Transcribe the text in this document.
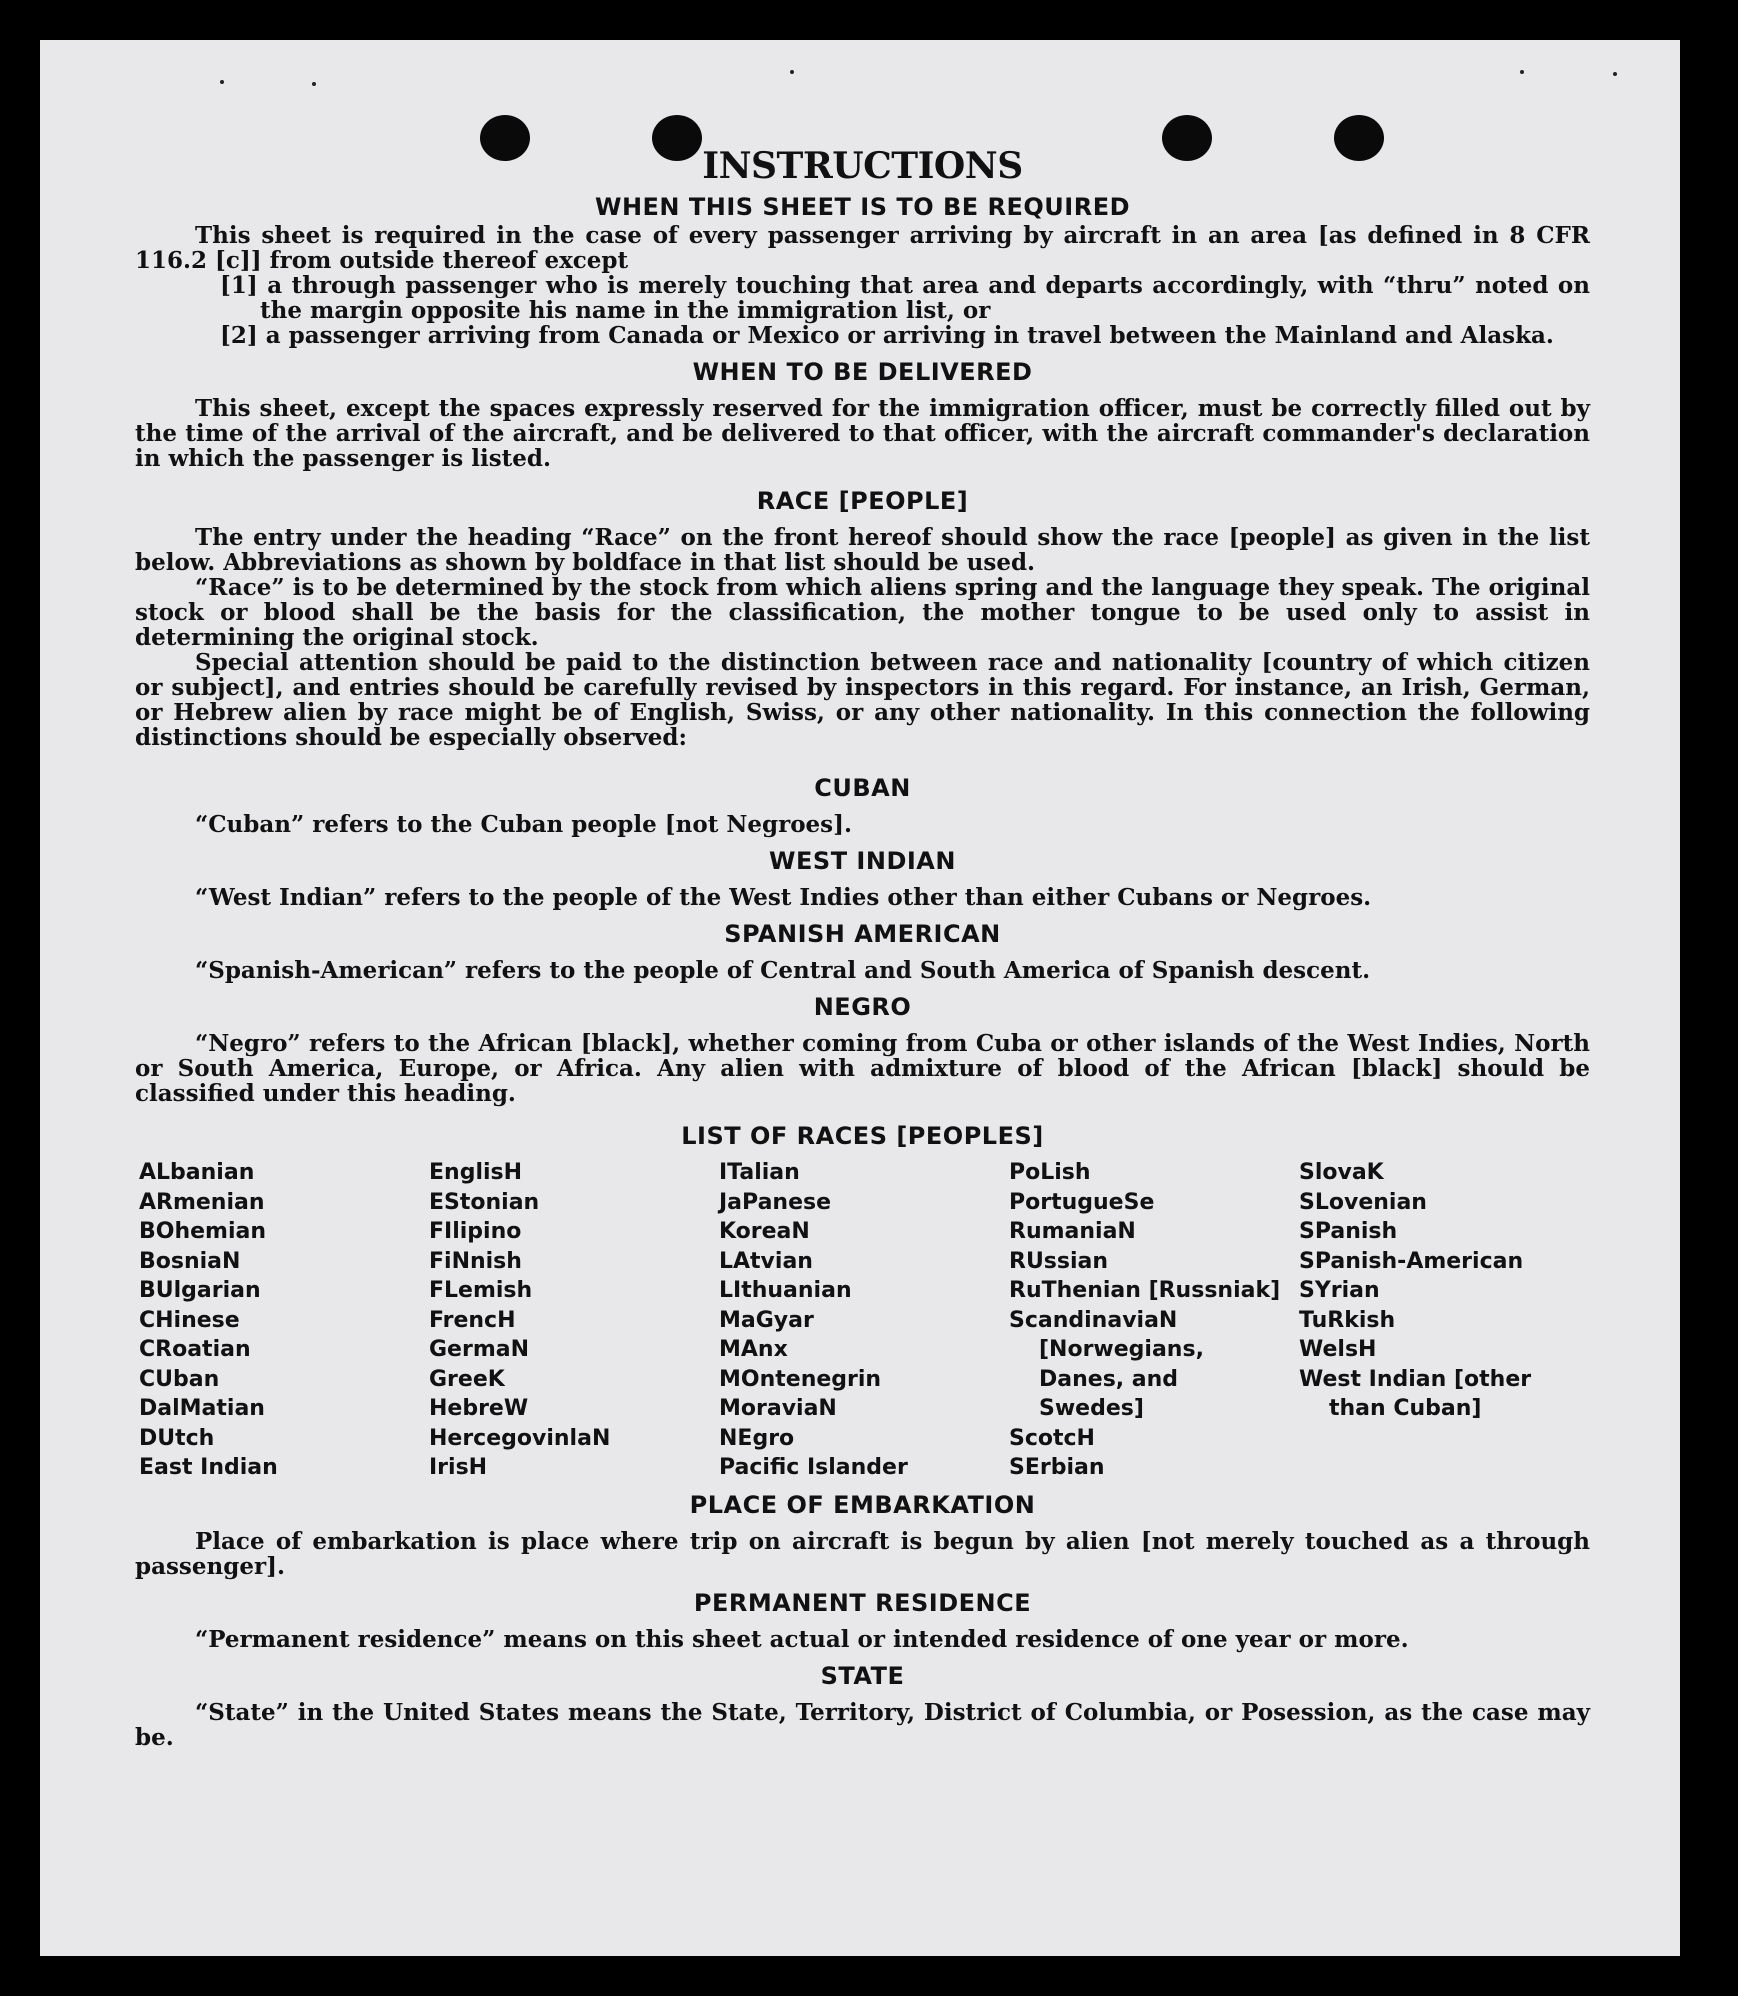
INSTRUCTIONS
WHEN THIS SHEET IS TO BE REQUIRED

This sheet is required in the case of every passenger arriving by aircraft in an area [as defined in 8 CFR 116.2 [c]] from outside thereof except

[1] a through passenger who is merely touching that area and departs accordingly, with “thru” noted on the margin opposite his name in the immigration list, or

[2] a passenger arriving from Canada or Mexico or arriving in travel between the Mainland and Alaska.

WHEN TO BE DELIVERED

This sheet, except the spaces expressly reserved for the immigration officer, must be correctly filled out by the time of the arrival of the aircraft, and be delivered to that officer, with the aircraft commander's declaration in which the passenger is listed.

RACE [PEOPLE]

The entry under the heading “Race” on the front hereof should show the race [people] as given in the list below. Abbreviations as shown by boldface in that list should be used.

“Race” is to be determined by the stock from which aliens spring and the language they speak. The original stock or blood shall be the basis for the classification, the mother tongue to be used only to assist in determining the original stock.

Special attention should be paid to the distinction between race and nationality [country of which citizen or subject], and entries should be carefully revised by inspectors in this regard. For instance, an Irish, German, or Hebrew alien by race might be of English, Swiss, or any other nationality. In this connection the following distinctions should be especially observed:

CUBAN

“Cuban” refers to the Cuban people [not Negroes].

WEST INDIAN

“West Indian” refers to the people of the West Indies other than either Cubans or Negroes.

SPANISH AMERICAN

“Spanish-American” refers to the people of Central and South America of Spanish descent.

NEGRO

“Negro” refers to the African [black], whether coming from Cuba or other islands of the West Indies, North or South America, Europe, or Africa. Any alien with admixture of blood of the African [black] should be classified under this heading.

LIST OF RACES [PEOPLES]
ALbanian
ARmenian
BOhemian
BosniaN
BUlgarian
CHinese
CRoatian
CUban
DalMatian
DUtch
East Indian
EnglisH
EStonian
FIlipino
FiNnish
FLemish
FrencH
GermaN
GreeK
HebreW
HercegovinlaN
IrisH
ITalian
JaPanese
KoreaN
LAtvian
LIthuanian
MaGyar
MAnx
MOntenegrin
MoraviaN
NEgro
Pacific Islander
PoLish
PortugueSe
RumaniaN
RUssian
RuThenian [Russniak]
ScandinaviaN [Norwegians, Danes, and Swedes]
ScotcH
SErbian
SlovaK
SLovenian
SPanish
SPanish-American
SYrian
TuRkish
WelsH
West Indian [other than Cuban]
PLACE OF EMBARKATION

Place of embarkation is place where trip on aircraft is begun by alien [not merely touched as a through passenger].

PERMANENT RESIDENCE

“Permanent residence” means on this sheet actual or intended residence of one year or more.

STATE

“State” in the United States means the State, Territory, District of Columbia, or Posession, as the case may be.
